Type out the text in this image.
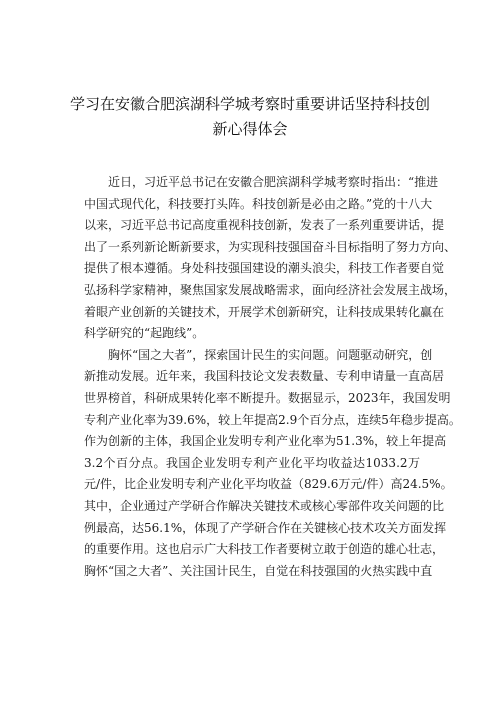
学习在安徽合肥滨湖科学城考察时重要讲话坚持科技创
新心得体会
近日，习近平总书记在安徽合肥滨湖科学城考察时指出：“推进
中国式现代化，科技要打头阵。科技创新是必由之路。”党的十八大
以来，习近平总书记高度重视科技创新，发表了一系列重要讲话，提
出了一系列新论断新要求，为实现科技强国奋斗目标指明了努力方向、
提供了根本遵循。身处科技强国建设的潮头浪尖，科技工作者要自觉
弘扬科学家精神，聚焦国家发展战略需求，面向经济社会发展主战场，
着眼产业创新的关键技术，开展学术创新研究，让科技成果转化赢在
科学研究的“起跑线”。
胸怀“国之大者”，探索国计民生的实问题。问题驱动研究，创
新推动发展。近年来，我国科技论文发表数量、专利申请量一直高居
世界榜首，科研成果转化率不断提升。数据显示，2023年，我国发明
专利产业化率为39.6%，较上年提高2.9个百分点，连续5年稳步提高。
作为创新的主体，我国企业发明专利产业化率为51.3%，较上年提高
3.2个百分点。我国企业发明专利产业化平均收益达1033.2万
元/件，比企业发明专利产业化平均收益（829.6万元/件）高24.5%。
其中，企业通过产学研合作解决关键技术或核心零部件攻关问题的比
例最高，达56.1%，体现了产学研合作在关键核心技术攻关方面发挥
的重要作用。这也启示广大科技工作者要树立敢于创造的雄心壮志，
胸怀“国之大者”、关注国计民生，自觉在科技强国的火热实践中直
